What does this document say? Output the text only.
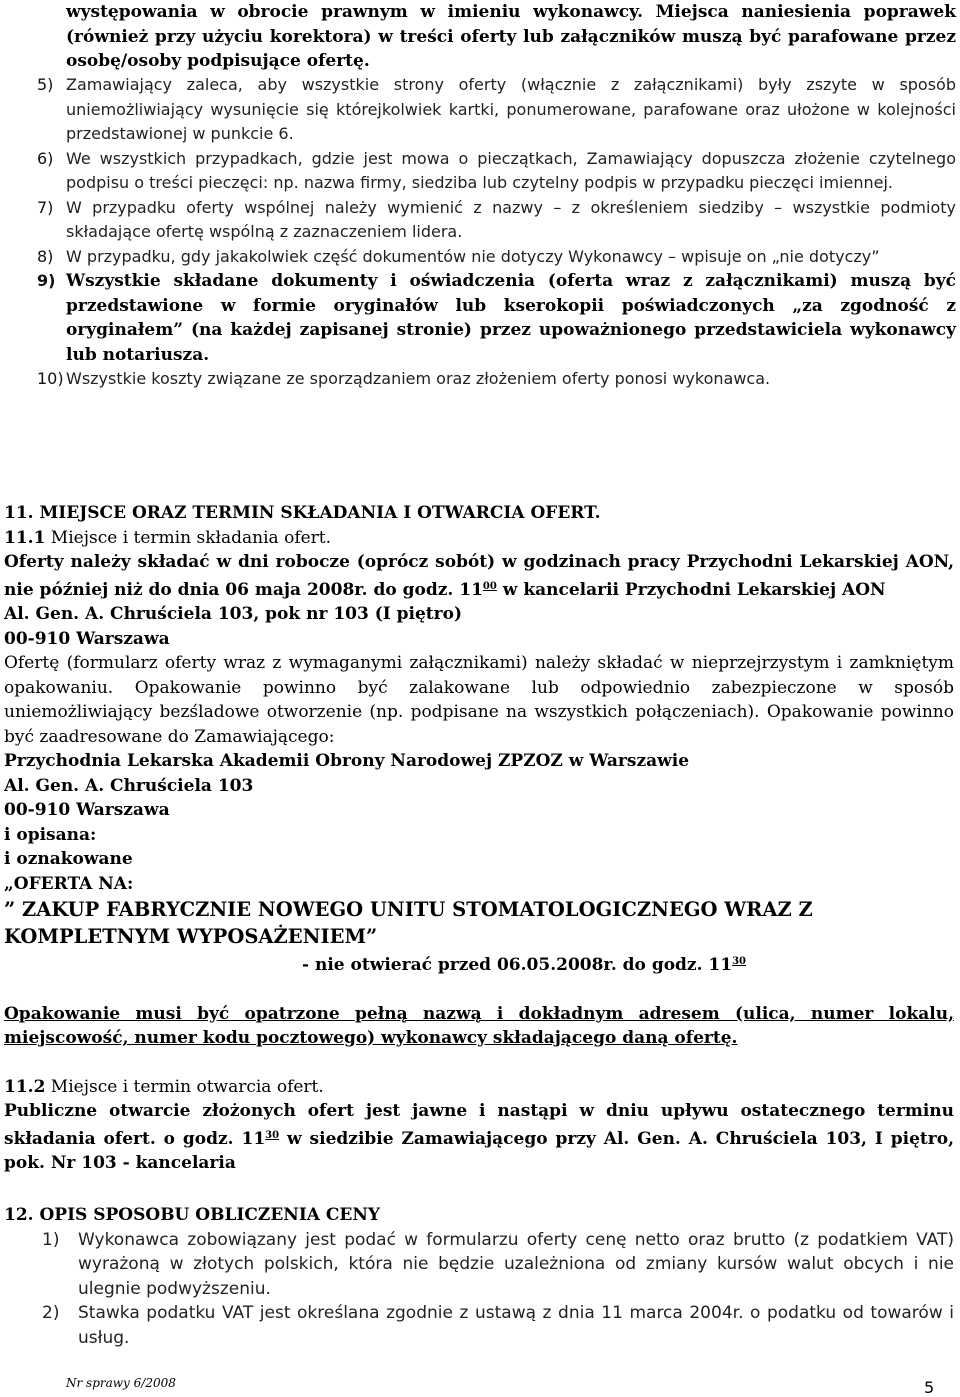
występowania w obrocie prawnym w imieniu wykonawcy. Miejsca naniesienia poprawek (również przy użyciu korektora) w treści oferty lub załączników muszą być parafowane przez osobę/osoby podpisujące ofertę.

5) Zamawiający zaleca, aby wszystkie strony oferty (włącznie z załącznikami) były zszyte w sposób uniemożliwiający wysunięcie się którejkolwiek kartki, ponumerowane, parafowane oraz ułożone w kolejności przedstawionej w punkcie 6.
6) We wszystkich przypadkach, gdzie jest mowa o pieczątkach, Zamawiający dopuszcza złożenie czytelnego podpisu o treści pieczęci: np. nazwa firmy, siedziba lub czytelny podpis w przypadku pieczęci imiennej.
7) W przypadku oferty wspólnej należy wymienić z nazwy – z określeniem siedziby – wszystkie podmioty składające ofertę wspólną z zaznaczeniem lidera.
8) W przypadku, gdy jakakolwiek część dokumentów nie dotyczy Wykonawcy – wpisuje on „nie dotyczy”
9) Wszystkie składane dokumenty i oświadczenia (oferta wraz z załącznikami) muszą być przedstawione w formie oryginałów lub kserokopii poświadczonych „za zgodność z oryginałem” (na każdej zapisanej stronie) przez upoważnionego przedstawiciela wykonawcy lub notariusza.
10) Wszystkie koszty związane ze sporządzaniem oraz złożeniem oferty ponosi wykonawca.

11. MIEJSCE ORAZ TERMIN SKŁADANIA I OTWARCIA OFERT.

11.1 Miejsce i termin składania ofert.

Oferty należy składać w dni robocze (oprócz sobót) w godzinach pracy Przychodni Lekarskiej AON, nie później niż do dnia 06 maja 2008r. do godz. $11^{00}$ w kancelarii Przychodni Lekarskiej AON

Al. Gen. A. Chruściela 103, pok nr 103 (I piętro)

00-910 Warszawa

Ofertę (formularz oferty wraz z wymaganymi załącznikami) należy składać w nieprzejrzystym i zamkniętym opakowaniu. Opakowanie powinno być zalakowane lub odpowiednio zabezpieczone w sposób uniemożliwiający bezśladowe otworzenie (np. podpisane na wszystkich połączeniach). Opakowanie powinno być zaadresowane do Zamawiającego:

Przychodnia Lekarska Akademii Obrony Narodowej ZPZOZ w Warszawie

Al. Gen. A. Chruściela 103

00-910 Warszawa

i opisana:

i oznakowane

„OFERTA NA:

” ZAKUP FABRYCZNIE NOWEGO UNITU STOMATOLOGICZNEGO WRAZ Z KOMPLETNYM WYPOSAŻENIEM”

- nie otwierać przed 06.05.2008r. do godz. $11^{30}$

Opakowanie musi być opatrzone pełną nazwą i dokładnym adresem (ulica, numer lokalu, miejscowość, numer kodu pocztowego) wykonawcy składającego daną ofertę.

11.2 Miejsce i termin otwarcia ofert.

Publiczne otwarcie złożonych ofert jest jawne i nastąpi w dniu upływu ostatecznego terminu składania ofert. o godz. $11^{30}$ w siedzibie Zamawiającego przy Al. Gen. A. Chruściela 103, I piętro, pok. Nr 103 - kancelaria

12. OPIS SPOSOBU OBLICZENIA CENY

1) Wykonawca zobowiązany jest podać w formularzu oferty cenę netto oraz brutto (z podatkiem VAT) wyrażoną w złotych polskich, która nie będzie uzależniona od zmiany kursów walut obcych i nie ulegnie podwyższeniu.
2) Stawka podatku VAT jest określana zgodnie z ustawą z dnia 11 marca 2004r. o podatku od towarów i usług.
Nr sprawy 6/2008	5
